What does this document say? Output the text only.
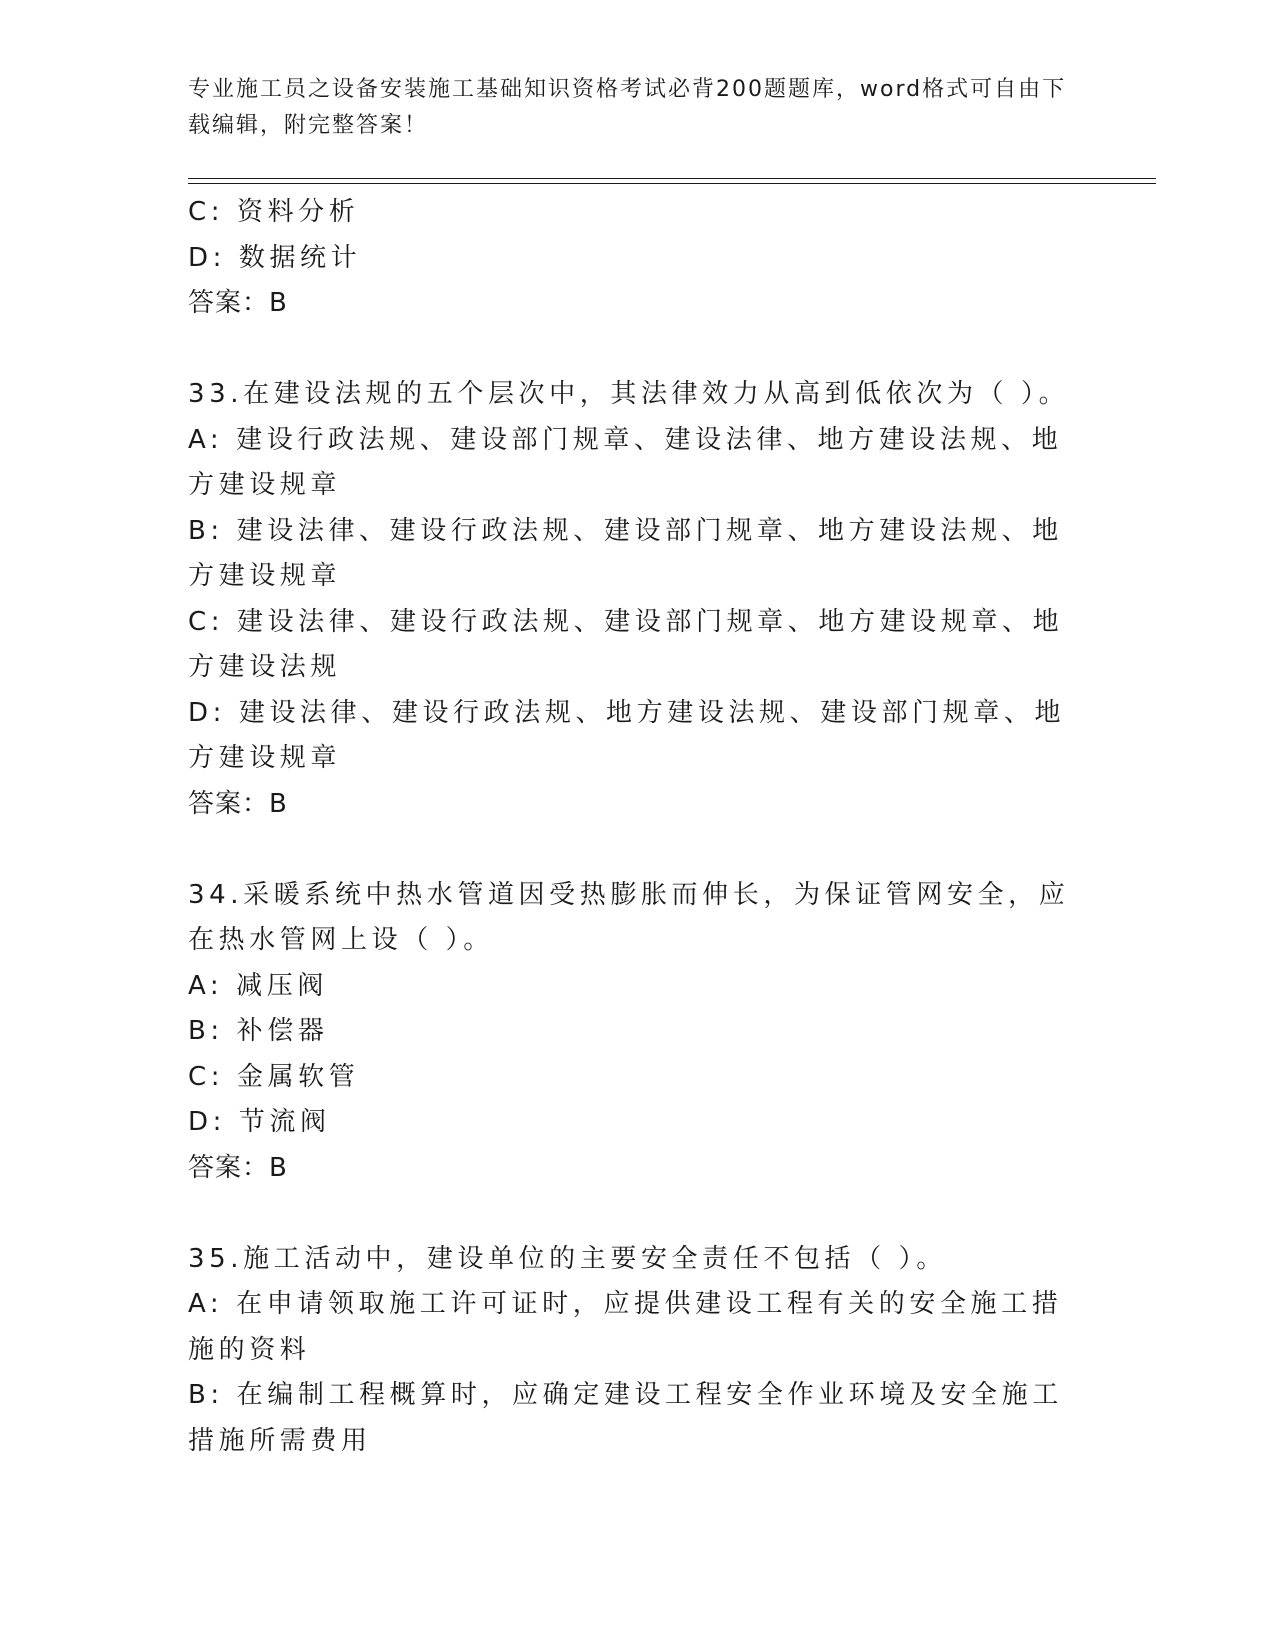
专业施工员之设备安装施工基础知识资格考试必背200题题库，word格式可自由下载编辑，附完整答案！

C: 资料分析

D: 数据统计

答案：B

33.在建设法规的五个层次中，其法律效力从高到低依次为（ ）。

A: 建设行政法规、建设部门规章、建设法律、地方建设法规、地方建设规章

B: 建设法律、建设行政法规、建设部门规章、地方建设法规、地方建设规章

C: 建设法律、建设行政法规、建设部门规章、地方建设规章、地方建设法规

D: 建设法律、建设行政法规、地方建设法规、建设部门规章、地方建设规章

答案：B

34.采暖系统中热水管道因受热膨胀而伸长，为保证管网安全，应在热水管网上设（ ）。

A: 减压阀

B: 补偿器

C: 金属软管

D: 节流阀

答案：B

35.施工活动中，建设单位的主要安全责任不包括（ ）。

A: 在申请领取施工许可证时，应提供建设工程有关的安全施工措施的资料

B: 在编制工程概算时，应确定建设工程安全作业环境及安全施工措施所需费用
